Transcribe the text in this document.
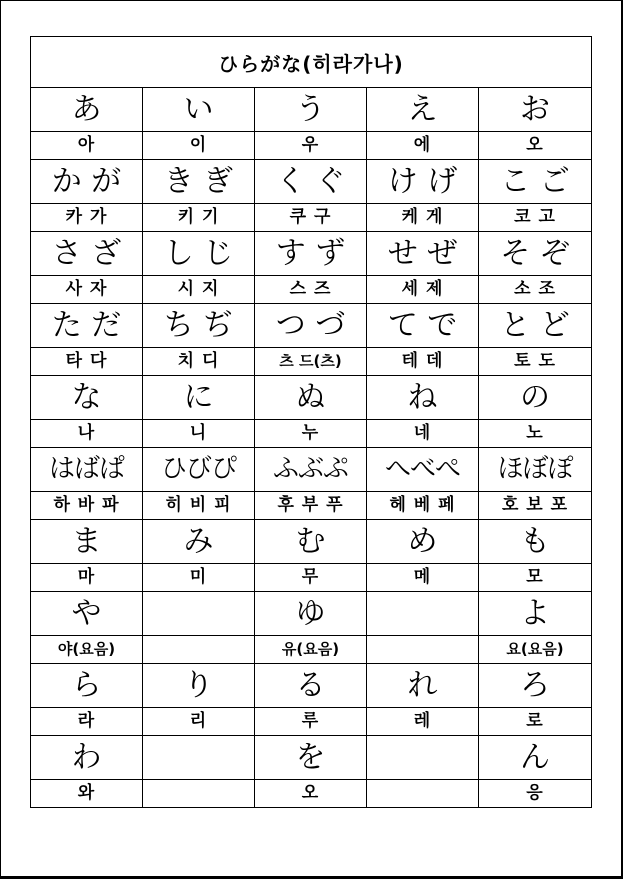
ひらがな(히라가나)				
あ	い	う	え	お
아	이	우	에	오
か が	き ぎ	く ぐ	け げ	こ ご
카 가	키 기	쿠 구	케 게	코 고
さ ざ	し じ	す ず	せ ぜ	そ ぞ
사 자	시 지	스 즈	세 제	소 조
た だ	ち ぢ	つ づ	て で	と ど
타 다	치 디	츠 드(츠)	테 데	토 도
な	に	ぬ	ね	の
나	니	누	네	노
はばぱ	ひびぴ	ふぶぷ	へべぺ	ほぼぽ
하 바 파	히 비 피	후 부 푸	헤 베 페	호 보 포
ま	み	む	め	も
마	미	무	메	모
や		ゆ		よ
야(요음)		유(요음)		요(요음)
ら	り	る	れ	ろ
라	리	루	레	로
わ		を		ん
와		오		응
